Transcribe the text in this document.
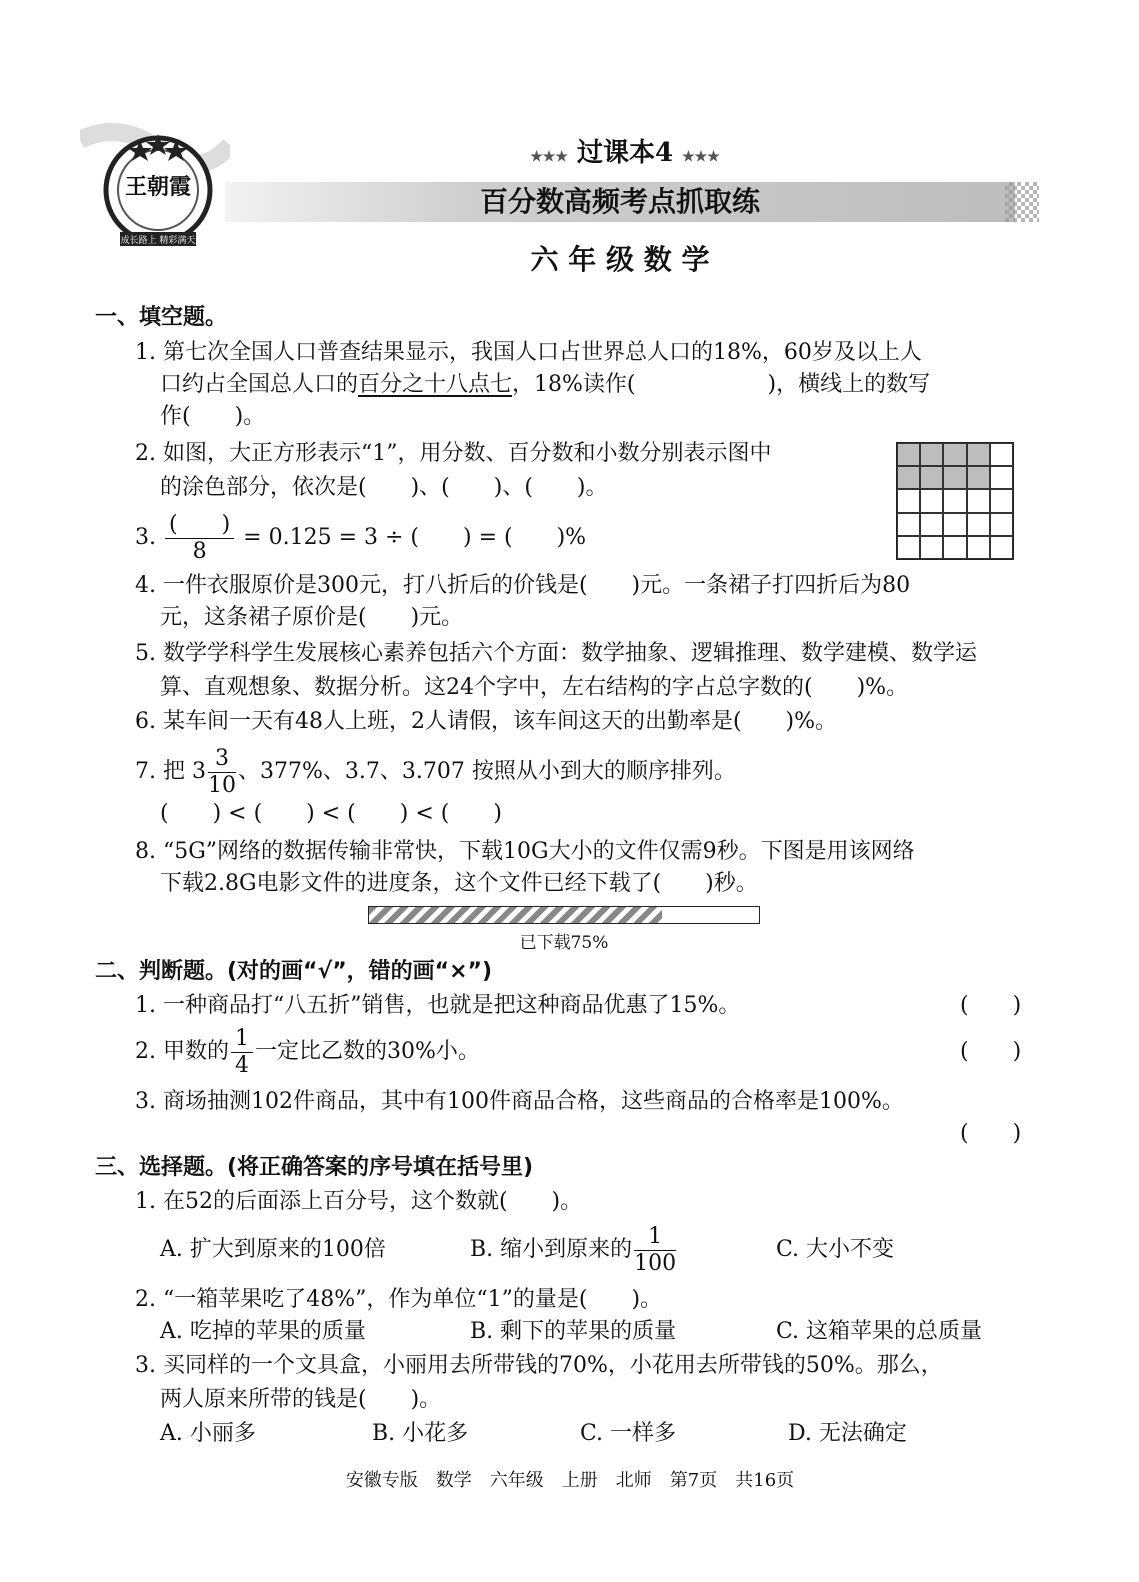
王朝霞
成长路上 精彩满天
★★★ 过课本4 ★★★
百分数高频考点抓取练
六 年 级 数 学
一、填空题。
1. 第七次全国人口普查结果显示，我国人口占世界总人口的18%，60岁及以上人
口约占全国总人口的百分之十八点七，18%读作(　　　　　　)，横线上的数写
作(　　)。
2. 如图，大正方形表示“1”，用分数、百分数和小数分别表示图中
的涂色部分，依次是(　　)、(　　)、(　　)。
3. $\frac{( )}{8} = 0.125 = 3$ ÷ (　　) = (　　)%
4. 一件衣服原价是300元，打八折后的价钱是(　　)元。一条裙子打四折后为80
元，这条裙子原价是(　　)元。
5. 数学学科学生发展核心素养包括六个方面：数学抽象、逻辑推理、数学建模、数学运
算、直观想象、数据分析。这24个字中，左右结构的字占总字数的(　　)%。
6. 某车间一天有48人上班，2人请假，该车间这天的出勤率是(　　)%。
7. 把 $3 \frac{3}{10}$ 、377%、3.7、3.707 按照从小到大的顺序排列。
(　　) < (　　) < (　　) < (　　)
8. “5G”网络的数据传输非常快，下载10G大小的文件仅需9秒。下图是用该网络
下载2.8G电影文件的进度条，这个文件已经下载了(　　)秒。
已下载75%
二、判断题。(对的画“√”，错的画“×”)
1. 一种商品打“八五折”销售，也就是把这种商品优惠了15%。	(　　)
2. 甲数的 $\frac{1}{4}$ 一定比乙数的30%小。	(　　)
3. 商场抽测102件商品，其中有100件商品合格，这些商品的合格率是100%。
(　　)
三、选择题。(将正确答案的序号填在括号里)
1. 在52的后面添上百分号，这个数就(　　)。
A. 扩大到原来的100倍	B. 缩小到原来的 $\frac{1}{100}$	C. 大小不变
2. “一箱苹果吃了48%”，作为单位“1”的量是(　　)。
A. 吃掉的苹果的质量	B. 剩下的苹果的质量	C. 这箱苹果的总质量
3. 买同样的一个文具盒，小丽用去所带钱的70%，小花用去所带钱的50%。那么，
两人原来所带的钱是(　　)。
A. 小丽多	B. 小花多	C. 一样多	D. 无法确定
安徽专版　数学　六年级　上册　北师　第7页　共16页
